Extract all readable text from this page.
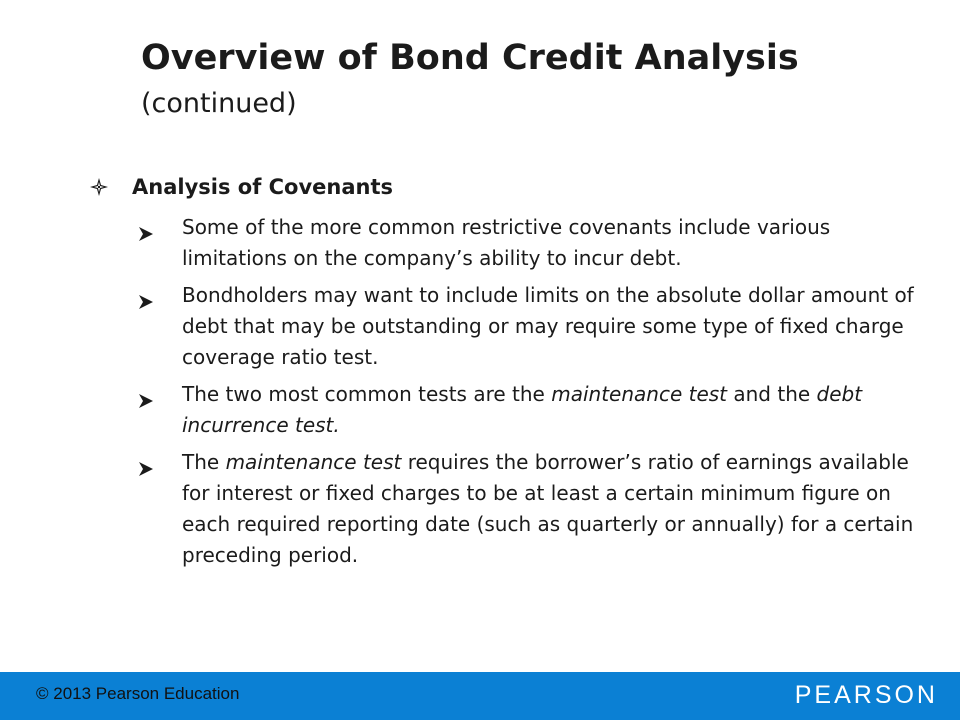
Overview of Bond Credit Analysis
(continued)
Analysis of Covenants
Some of the more common restrictive covenants include various limitations on the company’s ability to incur debt.
Bondholders may want to include limits on the absolute dollar amount of debt that may be outstanding or may require some type of fixed charge coverage ratio test.
The two most common tests are the maintenance test and the debt incurrence test.
The maintenance test requires the borrower’s ratio of earnings available for interest or fixed charges to be at least a certain minimum figure on each required reporting date (such as quarterly or annually) for a certain preceding period.
© 2013 Pearson Education	PEARSON
